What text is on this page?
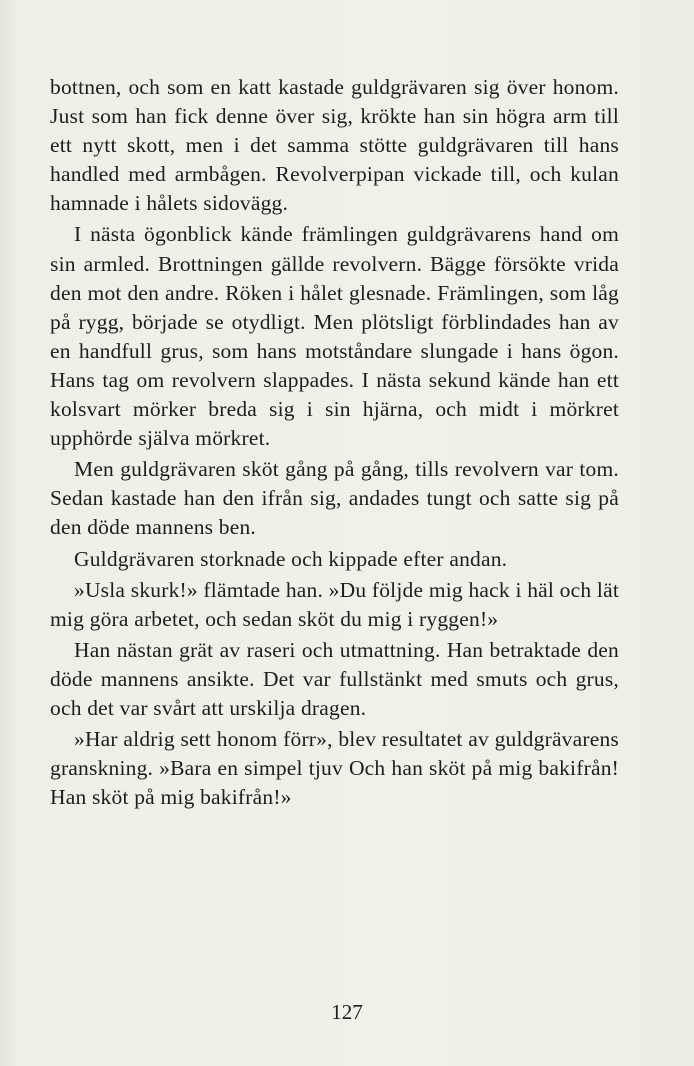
bottnen, och som en katt kastade guldgrävaren sig över honom. Just som han fick denne över sig, krökte han sin högra arm till ett nytt skott, men i det samma stötte guldgrävaren till hans handled med armbågen. Revolverpipan vickade till, och kulan hamnade i hålets sidovägg.

I nästa ögonblick kände främlingen guldgrävarens hand om sin armled. Brottningen gällde revolvern. Bägge försökte vrida den mot den andre. Röken i hålet glesnade. Främlingen, som låg på rygg, började se otydligt. Men plötsligt förblindades han av en handfull grus, som hans motståndare slungade i hans ögon. Hans tag om revolvern slappades. I nästa sekund kände han ett kolsvart mörker breda sig i sin hjärna, och midt i mörkret upphörde själva mörkret.

Men guldgrävaren sköt gång på gång, tills revolvern var tom. Sedan kastade han den ifrån sig, andades tungt och satte sig på den döde mannens ben.

Guldgrävaren storknade och kippade efter andan.

»Usla skurk!» flämtade han. »Du följde mig hack i häl och lät mig göra arbetet, och sedan sköt du mig i ryggen!»

Han nästan grät av raseri och utmattning. Han betraktade den döde mannens ansikte. Det var fullstänkt med smuts och grus, och det var svårt att urskilja dragen.

»Har aldrig sett honom förr», blev resultatet av guldgrävarens granskning. »Bara en simpel tjuv Och han sköt på mig bakifrån! Han sköt på mig bakifrån!»

127
